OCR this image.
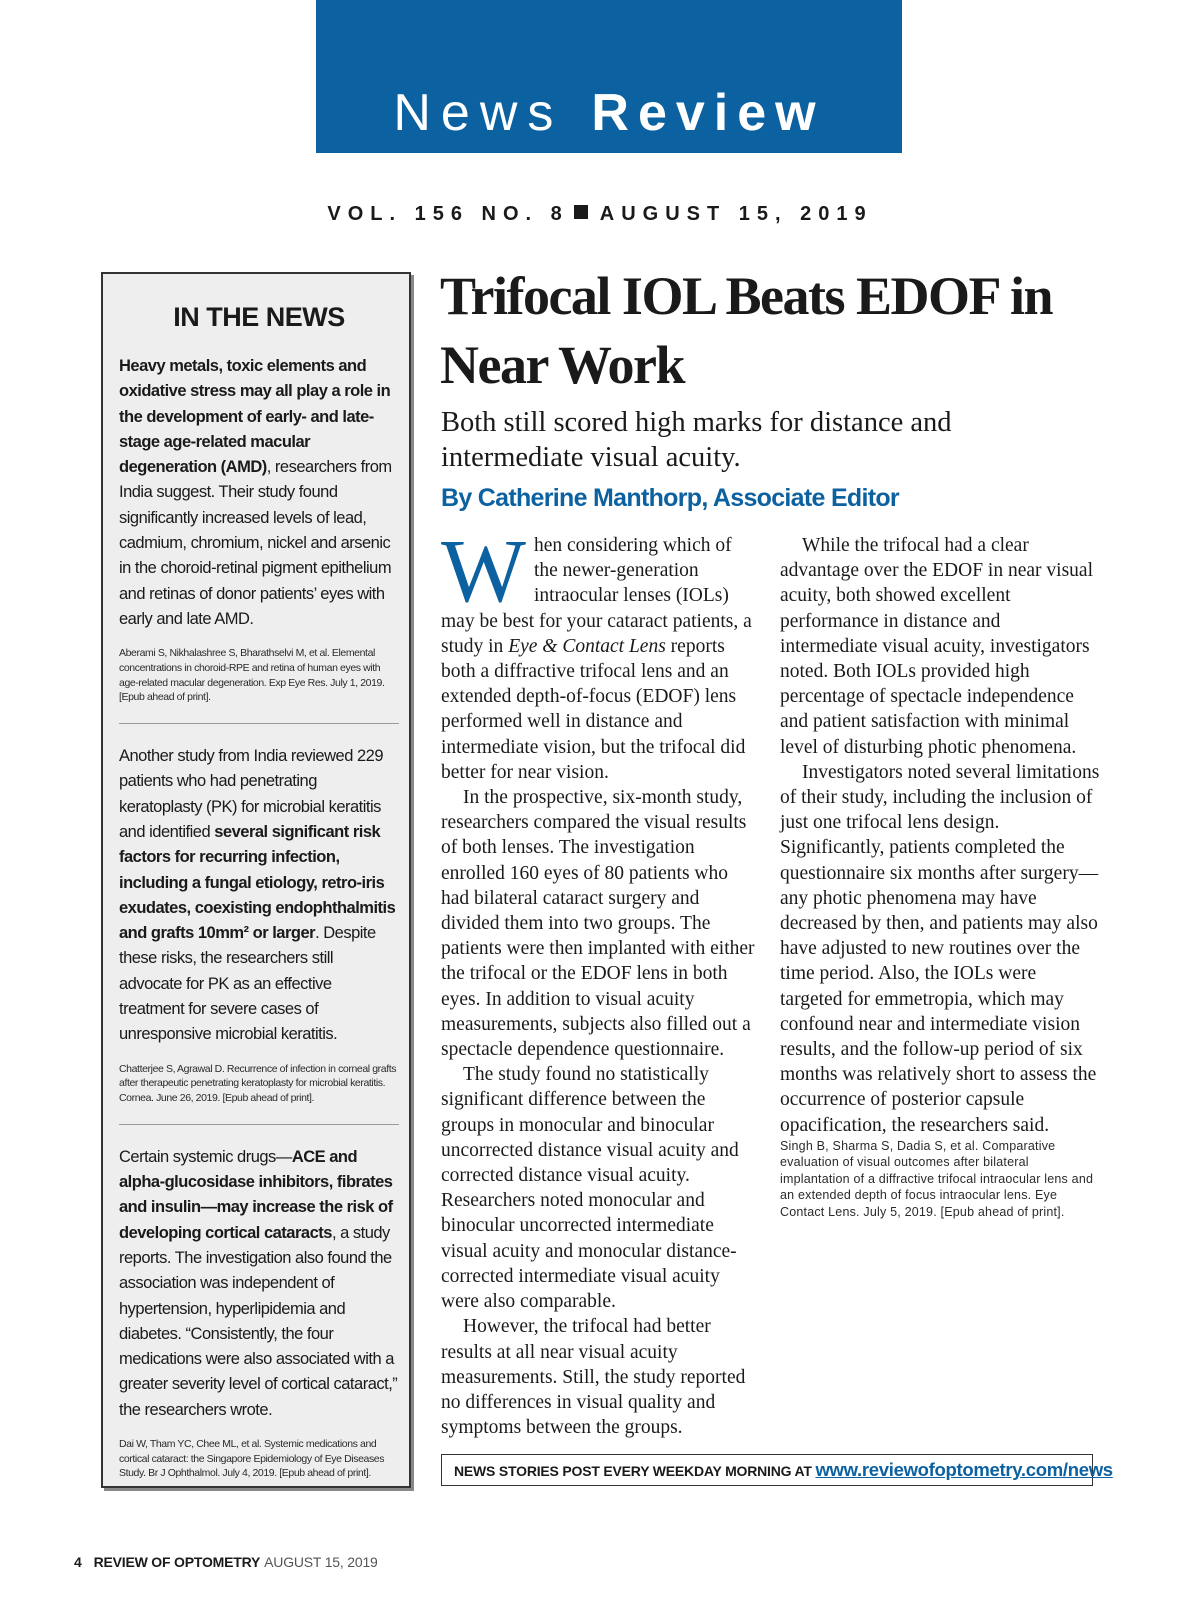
News Review
VOL. 156 NO. 8 AUGUST 15, 2019
IN THE NEWS

Heavy metals, toxic elements and oxidative stress may all play a role in the development of early- and late-stage age-related macular degeneration (AMD), researchers from India suggest. Their study found significantly increased levels of lead, cadmium, chromium, nickel and arsenic in the choroid-retinal pigment epithelium and retinas of donor patients’ eyes with early and late AMD.

Aberami S, Nikhalashree S, Bharathselvi M, et al. Elemental concentrations in choroid-RPE and retina of human eyes with age-related macular degeneration. Exp Eye Res. July 1, 2019. [Epub ahead of print].

Another study from India reviewed 229 patients who had penetrating keratoplasty (PK) for microbial keratitis and identified several significant risk factors for recurring infection, including a fungal etiology, retro-iris exudates, coexisting endophthalmitis and grafts 10mm² or larger. Despite these risks, the researchers still advocate for PK as an effective treatment for severe cases of unresponsive microbial keratitis.

Chatterjee S, Agrawal D. Recurrence of infection in corneal grafts after therapeutic penetrating keratoplasty for microbial keratitis. Cornea. June 26, 2019. [Epub ahead of print].

Certain systemic drugs—ACE and alpha-glucosidase inhibitors, fibrates and insulin—may increase the risk of developing cortical cataracts, a study reports. The investigation also found the association was independent of hypertension, hyperlipidemia and diabetes. “Consistently, the four medications were also associated with a greater severity level of cortical cataract,” the researchers wrote.

Dai W, Tham YC, Chee ML, et al. Systemic medications and cortical cataract: the Singapore Epidemiology of Eye Diseases Study. Br J Ophthalmol. July 4, 2019. [Epub ahead of print].

Trifocal IOL Beats EDOF in Near Work

Both still scored high marks for distance and intermediate visual acuity.

By Catherine Manthorp, Associate Editor

When considering which of the newer-generation intraocular lenses (IOLs) may be best for your cataract patients, a study in Eye & Contact Lens reports both a diffractive trifocal lens and an extended depth-of-focus (EDOF) lens performed well in distance and intermediate vision, but the trifocal did better for near vision.

In the prospective, six-month study, researchers compared the visual results of both lenses. The investigation enrolled 160 eyes of 80 patients who had bilateral cataract surgery and divided them into two groups. The patients were then implanted with either the trifocal or the EDOF lens in both eyes. In addition to visual acuity measurements, subjects also filled out a spectacle dependence questionnaire.

The study found no statistically significant difference between the groups in monocular and binocular uncorrected distance visual acuity and corrected distance visual acuity. Researchers noted monocular and binocular uncorrected intermediate visual acuity and monocular distance-corrected intermediate visual acuity were also comparable.

However, the trifocal had better results at all near visual acuity measurements. Still, the study reported no differences in visual quality and symptoms between the groups.

While the trifocal had a clear advantage over the EDOF in near visual acuity, both showed excellent performance in distance and intermediate visual acuity, investigators noted. Both IOLs provided high percentage of spectacle independence and patient satisfaction with minimal level of disturbing photic phenomena.

Investigators noted several limitations of their study, including the inclusion of just one trifocal lens design. Significantly, patients completed the questionnaire six months after surgery—any photic phenomena may have decreased by then, and patients may also have adjusted to new routines over the time period. Also, the IOLs were targeted for emmetropia, which may confound near and intermediate vision results, and the follow-up period of six months was relatively short to assess the occurrence of posterior capsule opacification, the researchers said.

Singh B, Sharma S, Dadia S, et al. Comparative evaluation of visual outcomes after bilateral implantation of a diffractive trifocal intraocular lens and an extended depth of focus intraocular lens. Eye Contact Lens. July 5, 2019. [Epub ahead of print].

NEWS STORIES POST EVERY WEEKDAY MORNING AT www.reviewofoptometry.com/news
4 REVIEW OF OPTOMETRY AUGUST 15, 2019
